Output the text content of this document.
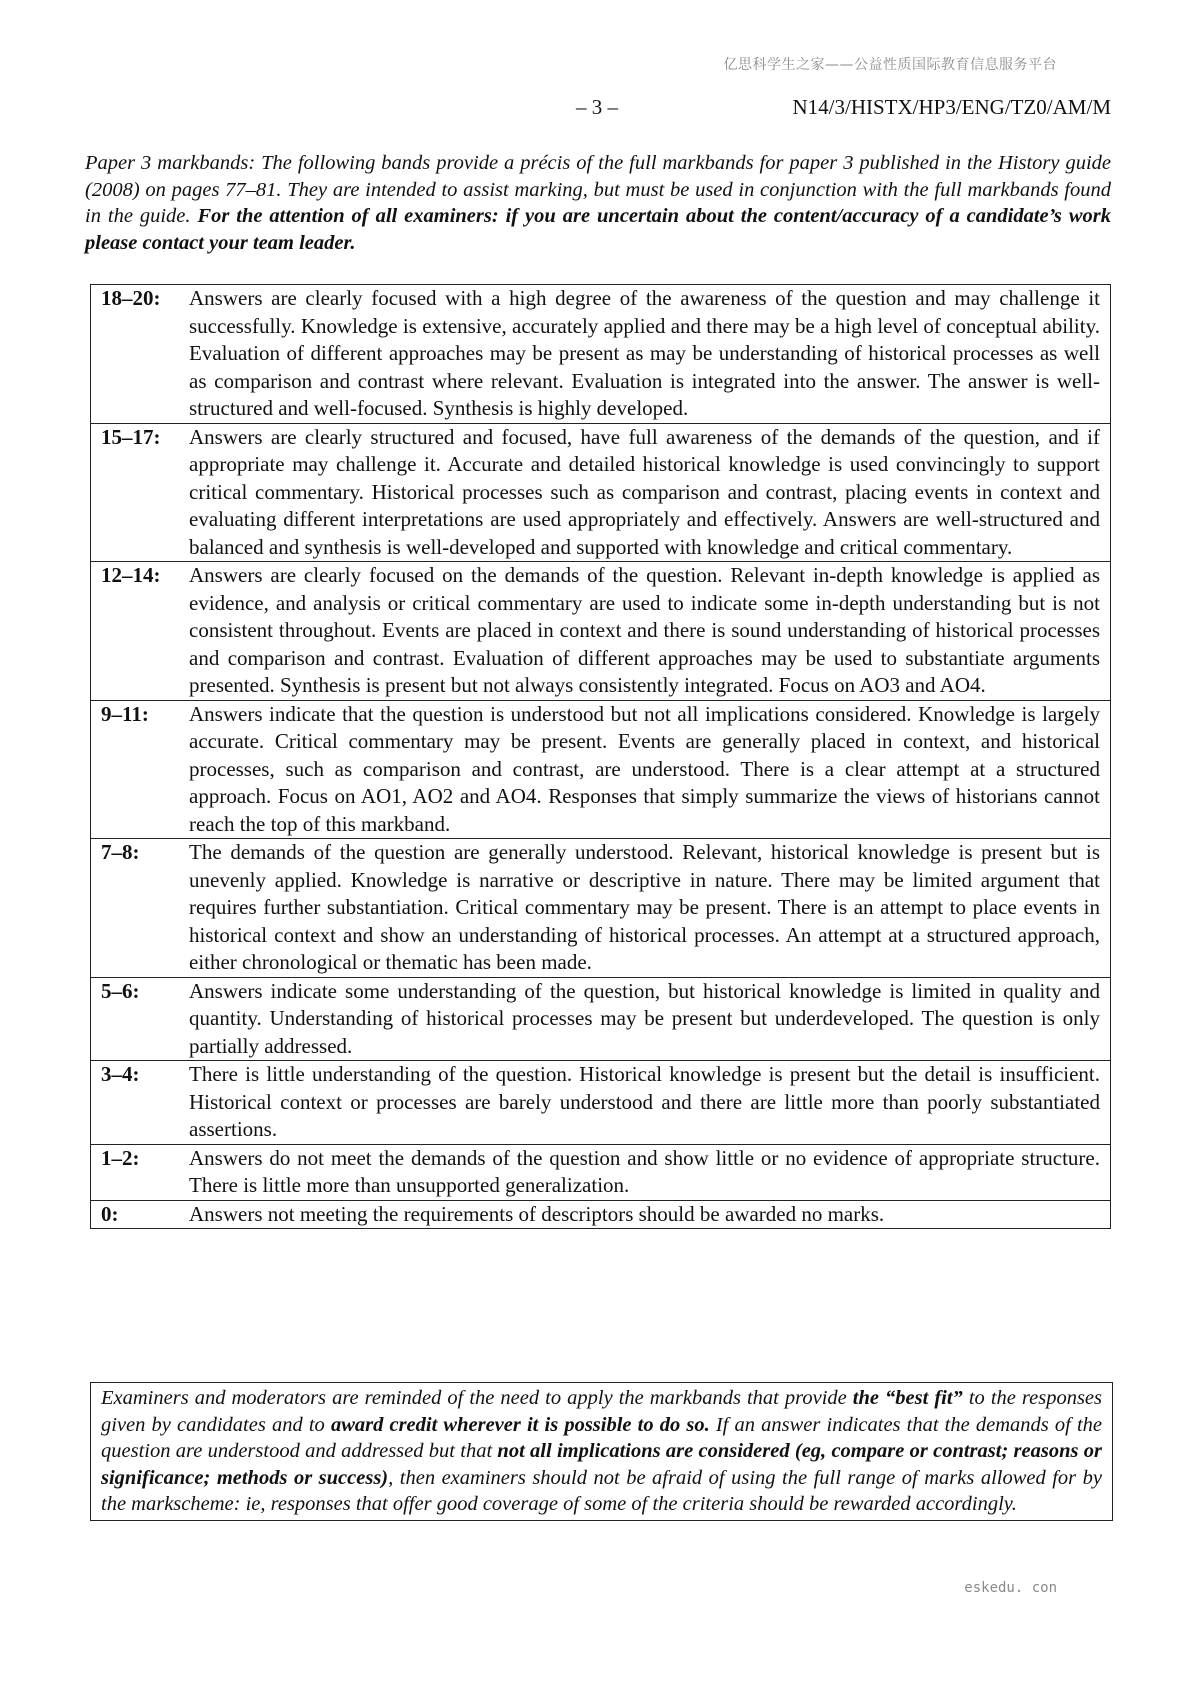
亿思科学生之家——公益性质国际教育信息服务平台
– 3 –	N14/3/HISTX/HP3/ENG/TZ0/AM/M
Paper 3 markbands: The following bands provide a précis of the full markbands for paper 3 published in the History guide (2008) on pages 77–81. They are intended to assist marking, but must be used in conjunction with the full markbands found in the guide. For the attention of all examiners: if you are uncertain about the content/accuracy of a candidate’s work please contact your team leader.
18–20:	Answers are clearly focused with a high degree of the awareness of the question and may challenge it successfully. Knowledge is extensive, accurately applied and there may be a high level of conceptual ability. Evaluation of different approaches may be present as may be understanding of historical processes as well as comparison and contrast where relevant. Evaluation is integrated into the answer. The answer is well-structured and well-focused. Synthesis is highly developed.
15–17:	Answers are clearly structured and focused, have full awareness of the demands of the question, and if appropriate may challenge it. Accurate and detailed historical knowledge is used convincingly to support critical commentary. Historical processes such as comparison and contrast, placing events in context and evaluating different interpretations are used appropriately and effectively. Answers are well-structured and balanced and synthesis is well-developed and supported with knowledge and critical commentary.
12–14:	Answers are clearly focused on the demands of the question. Relevant in-depth knowledge is applied as evidence, and analysis or critical commentary are used to indicate some in-depth understanding but is not consistent throughout. Events are placed in context and there is sound understanding of historical processes and comparison and contrast. Evaluation of different approaches may be used to substantiate arguments presented. Synthesis is present but not always consistently integrated. Focus on AO3 and AO4.
9–11:	Answers indicate that the question is understood but not all implications considered. Knowledge is largely accurate. Critical commentary may be present. Events are generally placed in context, and historical processes, such as comparison and contrast, are understood. There is a clear attempt at a structured approach. Focus on AO1, AO2 and AO4. Responses that simply summarize the views of historians cannot reach the top of this markband.
7–8:	The demands of the question are generally understood. Relevant, historical knowledge is present but is unevenly applied. Knowledge is narrative or descriptive in nature. There may be limited argument that requires further substantiation. Critical commentary may be present. There is an attempt to place events in historical context and show an understanding of historical processes. An attempt at a structured approach, either chronological or thematic has been made.
5–6:	Answers indicate some understanding of the question, but historical knowledge is limited in quality and quantity. Understanding of historical processes may be present but underdeveloped. The question is only partially addressed.
3–4:	There is little understanding of the question. Historical knowledge is present but the detail is insufficient. Historical context or processes are barely understood and there are little more than poorly substantiated assertions.
1–2:	Answers do not meet the demands of the question and show little or no evidence of appropriate structure. There is little more than unsupported generalization.
0:	Answers not meeting the requirements of descriptors should be awarded no marks.
Examiners and moderators are reminded of the need to apply the markbands that provide the “best fit” to the responses given by candidates and to award credit wherever it is possible to do so. If an answer indicates that the demands of the question are understood and addressed but that not all implications are considered (eg, compare or contrast; reasons or significance; methods or success), then examiners should not be afraid of using the full range of marks allowed for by the markscheme: ie, responses that offer good coverage of some of the criteria should be rewarded accordingly.
eskedu. con
